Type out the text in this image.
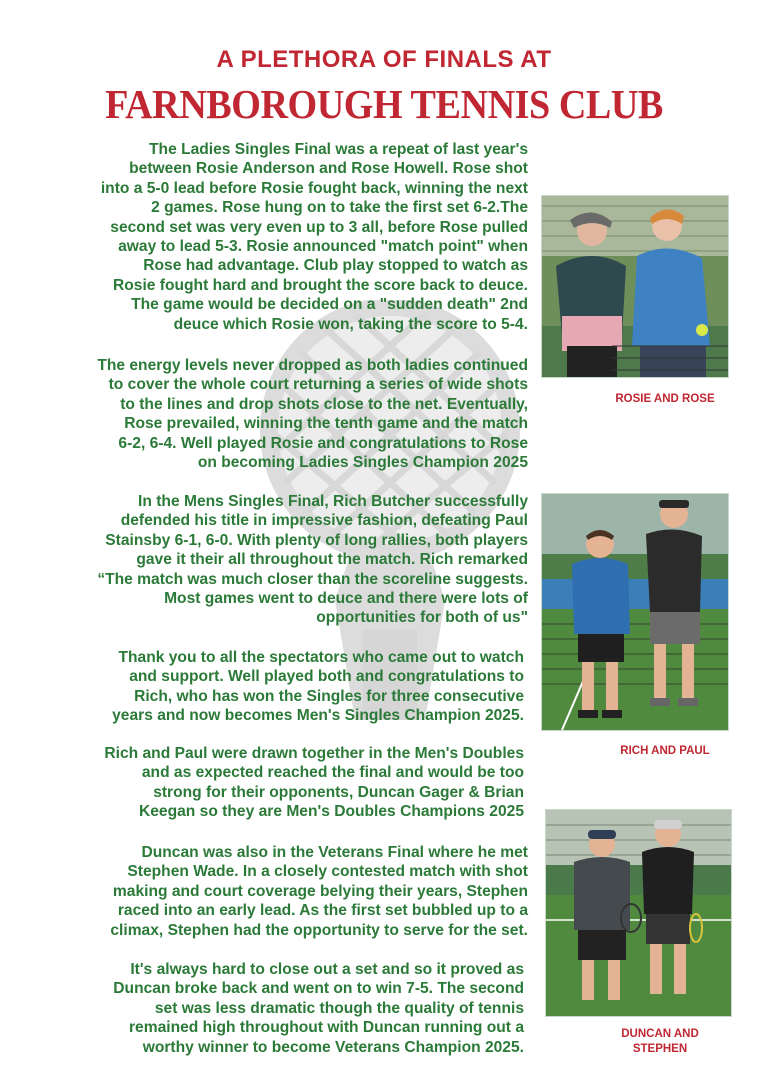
A PLETHORA OF FINALS AT
FARNBOROUGH TENNIS CLUB

The Ladies Singles Final was a repeat of last year's
between Rosie Anderson and Rose Howell. Rose shot
into a 5-0 lead before Rosie fought back, winning the next
2 games. Rose hung on to take the first set 6-2.The
second set was very even up to 3 all, before Rose pulled
away to lead 5-3. Rosie announced "match point" when
Rose had advantage. Club play stopped to watch as
Rosie fought hard and brought the score back to deuce.
The game would be decided on a "sudden death" 2nd
deuce which Rosie won, taking the score to 5-4.

The energy levels never dropped as both ladies continued
to cover the whole court returning a series of wide shots
to the lines and drop shots close to the net. Eventually,
Rose prevailed, winning the tenth game and the match
6-2, 6-4. Well played Rosie and congratulations to Rose
on becoming Ladies Singles Champion 2025

In the Mens Singles Final, Rich Butcher successfully
defended his title in impressive fashion, defeating Paul
Stainsby 6-1, 6-0. With plenty of long rallies, both players
gave it their all throughout the match. Rich remarked
“The match was much closer than the scoreline suggests.
Most games went to deuce and there were lots of
opportunities for both of us"

Thank you to all the spectators who came out to watch
and support. Well played both and congratulations to
Rich, who has won the Singles for three consecutive
years and now becomes Men's Singles Champion 2025.

Rich and Paul were drawn together in the Men's Doubles
and as expected reached the final and would be too
strong for their opponents, Duncan Gager & Brian
Keegan so they are Men's Doubles Champions 2025

Duncan was also in the Veterans Final where he met
Stephen Wade. In a closely contested match with shot
making and court coverage belying their years, Stephen
raced into an early lead. As the first set bubbled up to a
climax, Stephen had the opportunity to serve for the set.

It's always hard to close out a set and so it proved as
Duncan broke back and went on to win 7-5. The second
set was less dramatic though the quality of tennis
remained high throughout with Duncan running out a
worthy winner to become Veterans Champion 2025.

ROSIE AND ROSE

RICH AND PAUL

DUNCAN AND
STEPHEN
